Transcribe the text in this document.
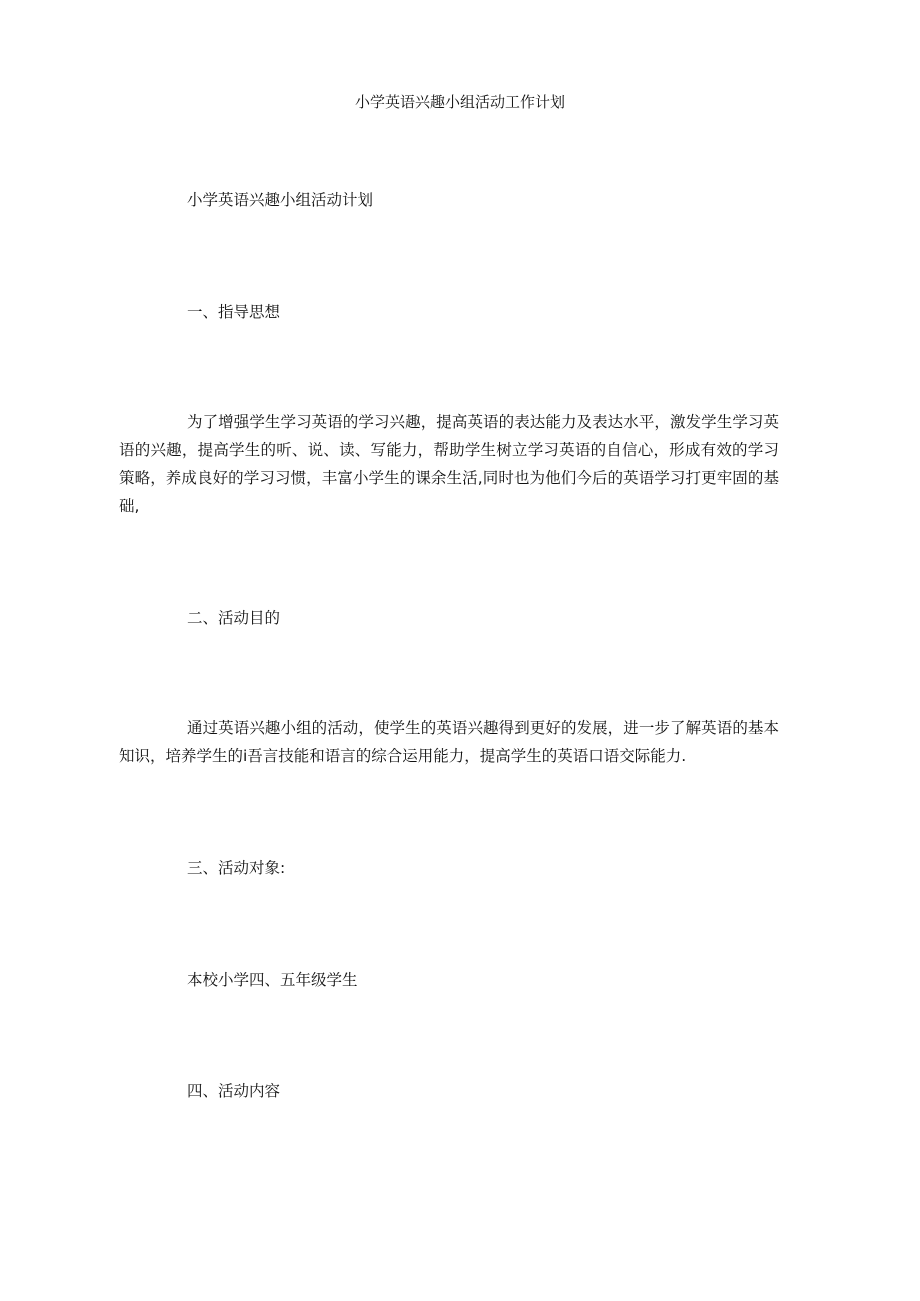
小学英语兴趣小组活动工作计划
小学英语兴趣小组活动计划
一、指导思想
为了增强学生学习英语的学习兴趣，提高英语的表达能力及表达水平，激发学生学习英语的兴趣，提高学生的听、说、读、写能力，帮助学生树立学习英语的自信心，形成有效的学习策略，养成良好的学习习惯，丰富小学生的课余生活,同时也为他们今后的英语学习打更牢固的基础,
二、活动目的
通过英语兴趣小组的活动，使学生的英语兴趣得到更好的发展，进一步了解英语的基本知识，培养学生的i吾言技能和语言的综合运用能力，提高学生的英语口语交际能力.
三、活动对象:
本校小学四、五年级学生
四、活动内容
